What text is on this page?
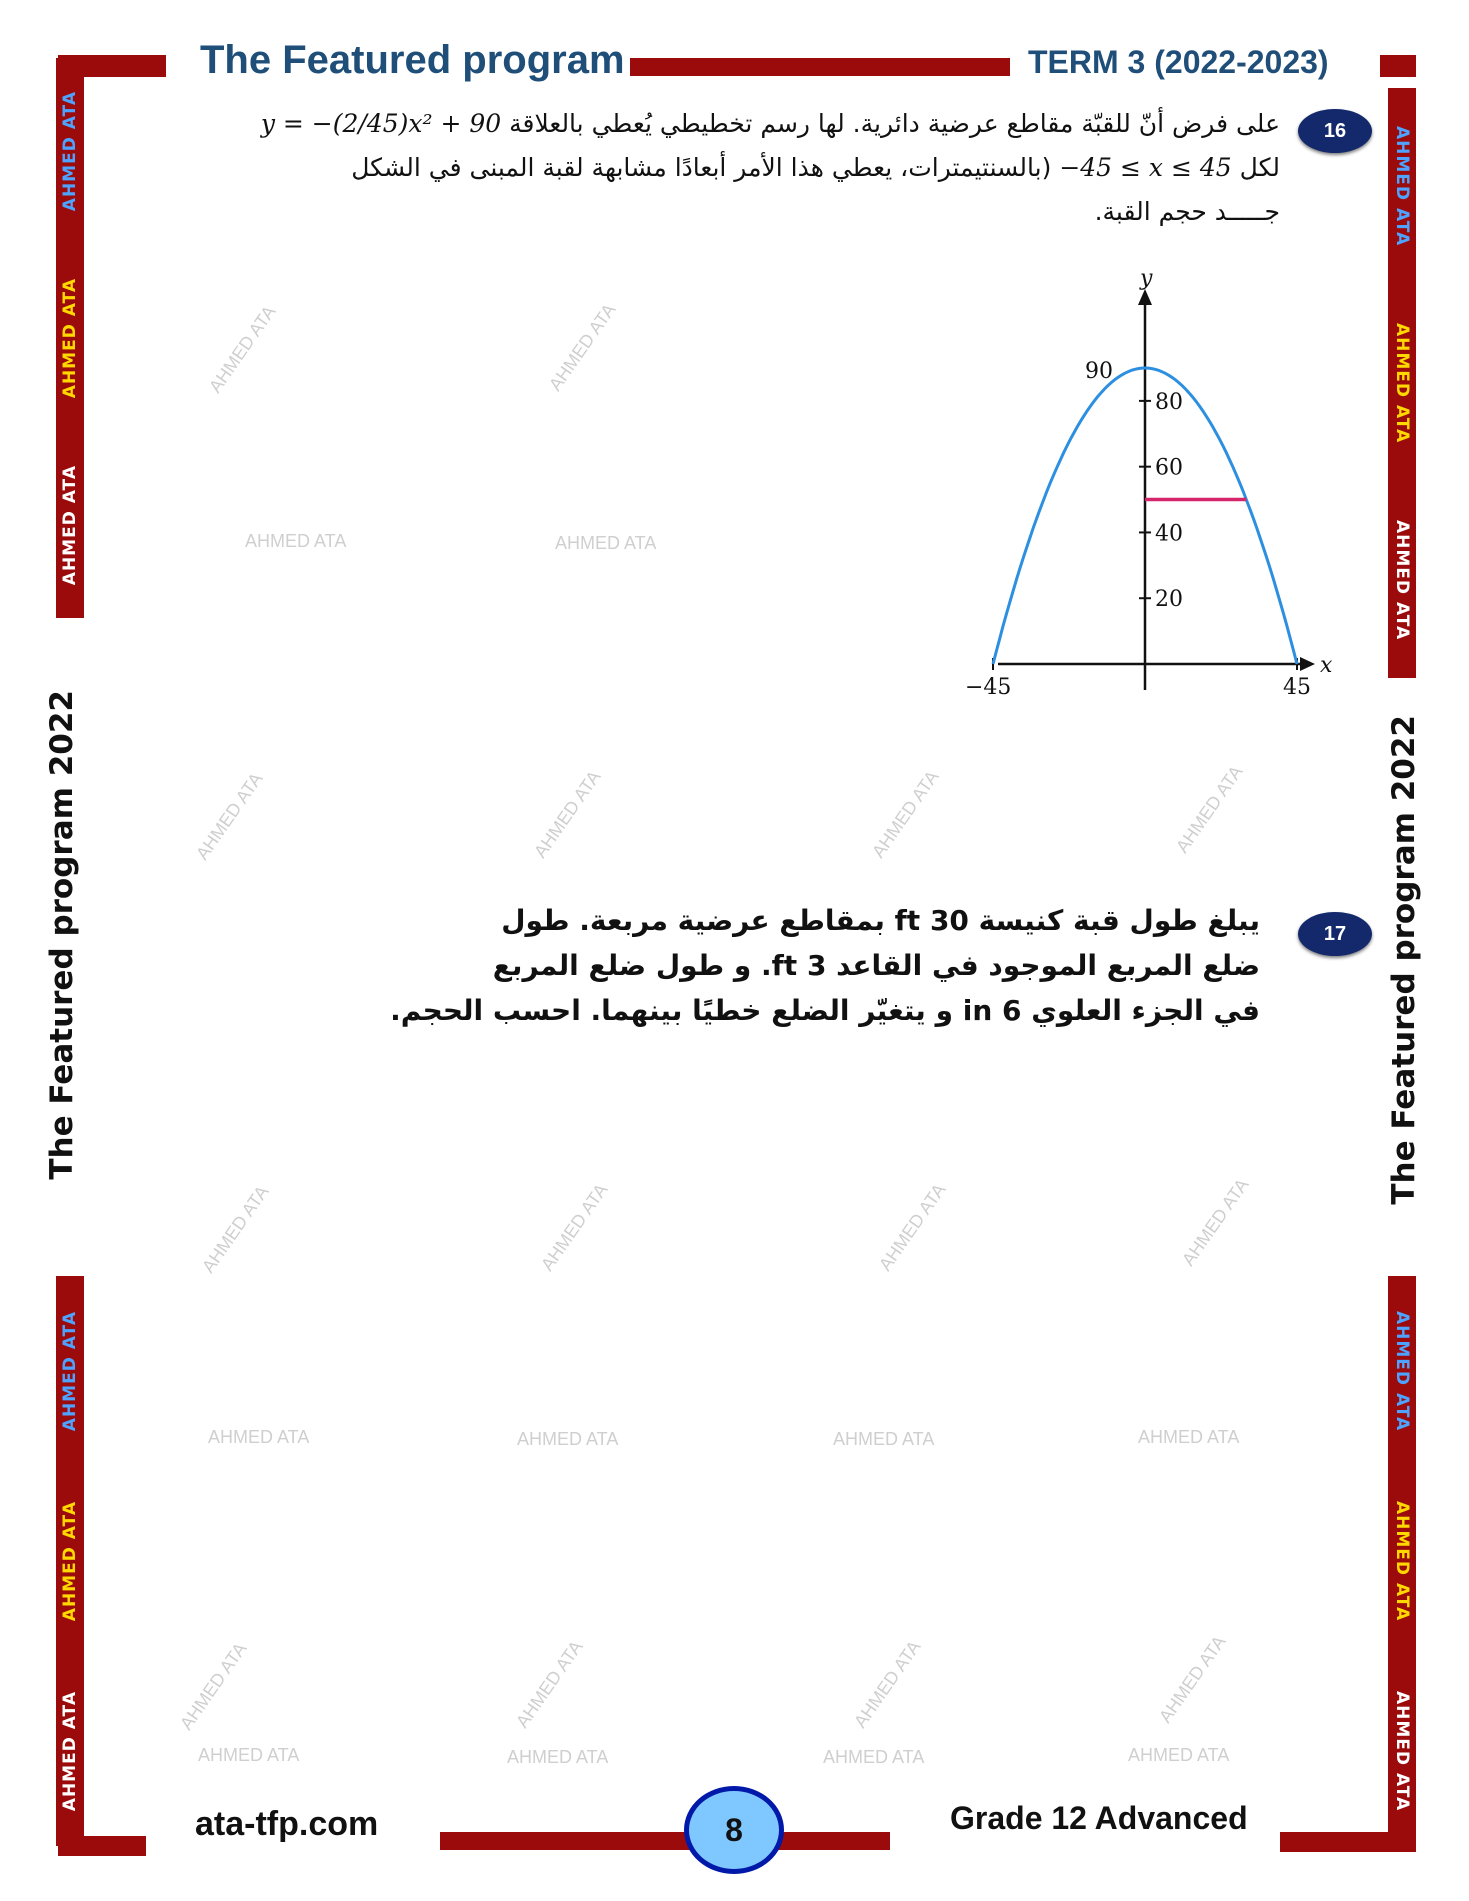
The Featured program	TERM 3 (2022-2023)
AHMED ATA
AHMED ATA
AHMED ATA
AHMED ATA
AHMED ATA
AHMED ATA
AHMED ATA
AHMED ATA
AHMED ATA
AHMED ATA
AHMED ATA
AHMED ATA
The Featured program 2022	The Featured program 2022
AHMED ATA	AHMED ATA
AHMED ATA	AHMED ATA	AHMED ATA	AHMED ATA
AHMED ATA	AHMED ATA	AHMED ATA	AHMED ATA
AHMED ATA	AHMED ATA
AHMED ATA	AHMED ATA	AHMED ATA	AHMED ATA
AHMED ATA	AHMED ATA	AHMED ATA	AHMED ATA
AHMED ATA	AHMED ATA	AHMED ATA	AHMED ATA
16
على فرض أنّ للقبّة مقاطع عرضية دائرية. لها رسم تخطيطي يُعطي بالعلاقة y = −(2/45)x² + 90
لكل −45 ≤ x ≤ 45 (بالسنتيمترات، يعطي هذا الأمر أبعادًا مشابهة لقبة المبنى في الشكل
جـــــد حجم القبة.
x
y
20
40
60
80
−45	45
90
17
يبلغ طول قبة كنيسة 30 ft بمقاطع عرضية مربعة. طول
ضلع المربع الموجود في القاعد 3 ft. و طول ضلع المربع
في الجزء العلوي 6 in و يتغيّر الضلع خطيًا بينهما. احسب الحجم.
ata-tfp.com	8	Grade 12 Advanced
